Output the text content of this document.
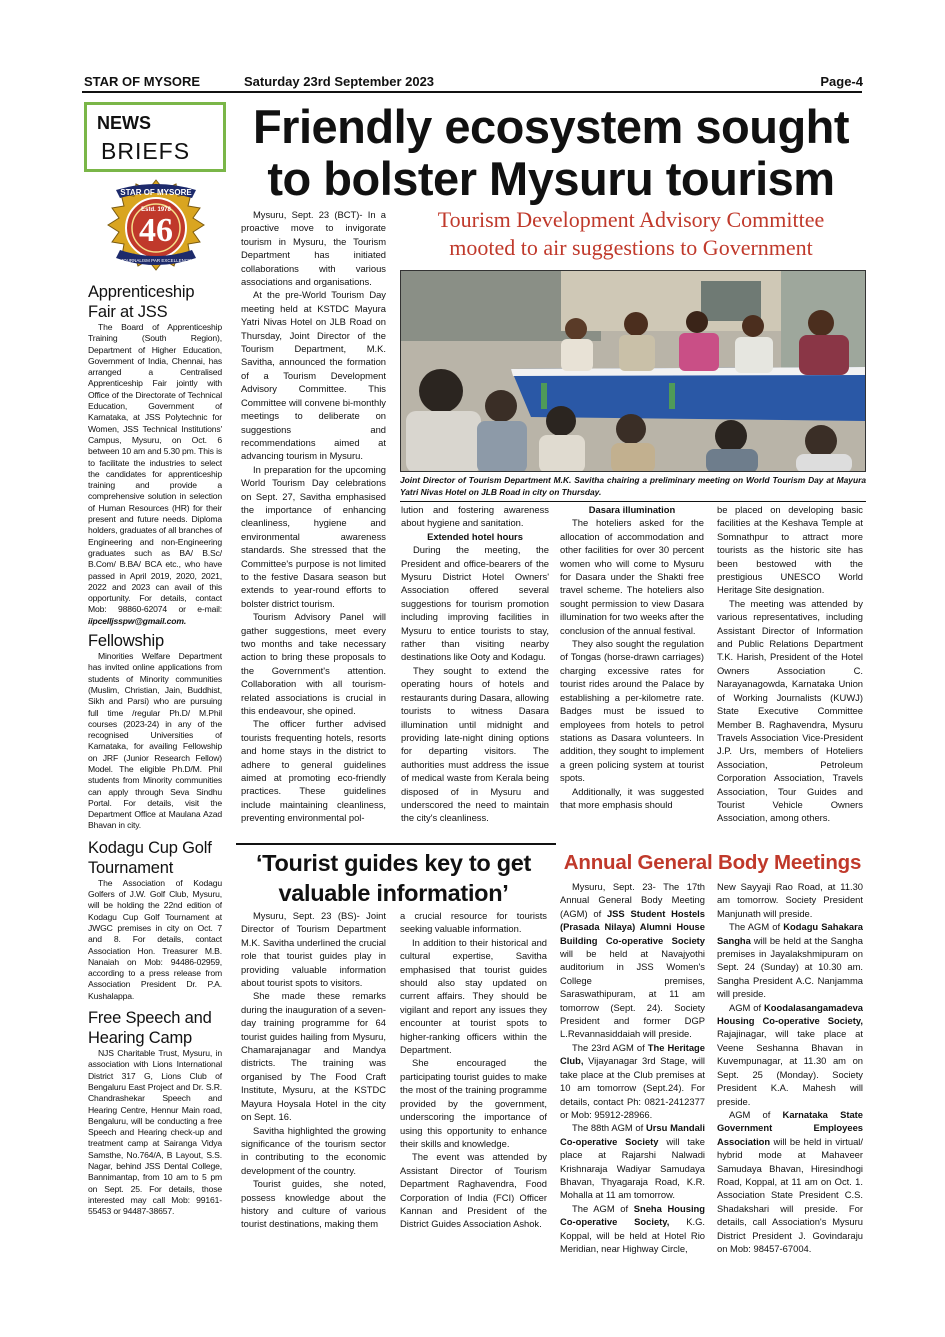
STAR OF MYSORE	Saturday 23rd September 2023	Page-4
NEWS
BRIEFS
46
STAR OF MYSORE
Estd. 1978
JOURNALISM PAR EXCELLENCE
Apprenticeship Fair at JSS
The Board of Apprenticeship Training (South Region), Department of Higher Education, Government of India, Chennai, has arranged a Centralised Apprenticeship Fair jointly with Office of the Directorate of Technical Education, Government of Karnataka, at JSS Polytechnic for Women, JSS Technical Institutions' Campus, Mysuru, on Oct. 6 between 10 am and 5.30 pm. This is to facilitate the industries to select the candidates for apprenticeship training and provide a comprehensive solution in selection of Human Resources (HR) for their present and future needs. Diploma holders, graduates of all branches of Engineering and non-Engineering graduates such as BA/ B.Sc/ B.Com/ B.BA/ BCA etc., who have passed in April 2019, 2020, 2021, 2022 and 2023 can avail of this opportunity. For details, contact Mob: 98860-62074 or e-mail: iipcelljsspw@gmail.com.
Fellowship
Minorities Welfare Department has invited online applications from students of Minority communities (Muslim, Christian, Jain, Buddhist, Sikh and Parsi) who are pursuing full time /regular Ph.D/ M.Phil courses (2023-24) in any of the recognised Universities of Karnataka, for availing Fellowship on JRF (Junior Research Fellow) Model. The eligible Ph.D/M. Phil students from Minority communities can apply through Seva Sindhu Portal. For details, visit the Department Office at Maulana Azad Bhavan in city.
Kodagu Cup Golf Tournament
The Association of Kodagu Golfers of J.W. Golf Club, Mysuru, will be holding the 22nd edition of Kodagu Cup Golf Tournament at JWGC premises in city on Oct. 7 and 8. For details, contact Association Hon. Treasurer M.B. Nanaiah on Mob: 94486-02959, according to a press release from Association President Dr. P.A. Kushalappa.
Free Speech and Hearing Camp
NJS Charitable Trust, Mysuru, in association with Lions International District 317 G, Lions Club of Bengaluru East Project and Dr. S.R. Chandrashekar Speech and Hearing Centre, Hennur Main road, Bengaluru, will be conducting a free Speech and Hearing check-up and treatment camp at Sairanga Vidya Samsthe, No.764/A, B Layout, S.S. Nagar, behind JSS Dental College, Bannimantap, from 10 am to 5 pm on Sept. 25. For details, those interested may call Mob: 99161-55453 or 94487-38657.
Friendly ecosystem sought
to bolster Mysuru tourism
Tourism Development Advisory Committee
mooted to air suggestions to Government
Mysuru, Sept. 23 (BCT)- In a proactive move to invigorate tourism in Mysuru, the Tourism Department has initiated collaborations with various associations and organisations.
At the pre-World Tourism Day meeting held at KSTDC Mayura Yatri Nivas Hotel on JLB Road on Thursday, Joint Director of the Tourism Department, M.K. Savitha, announced the formation of a Tourism Development Advisory Committee. This Committee will convene bi-monthly meetings to deliberate on suggestions and recommendations aimed at advancing tourism in Mysuru.
In preparation for the upcoming World Tourism Day celebrations on Sept. 27, Savitha emphasised the importance of enhancing cleanliness, hygiene and environmental awareness standards. She stressed that the Committee's purpose is not limited to the festive Dasara season but extends to year-round efforts to bolster district tourism.
Tourism Advisory Panel will gather suggestions, meet every two months and take necessary action to bring these proposals to the Government's attention. Collaboration with all tourism-related associations is crucial in this endeavour, she opined.
The officer further advised tourists frequenting hotels, resorts and home stays in the district to adhere to general guidelines aimed at promoting eco-friendly practices. These guidelines include maintaining cleanliness, preventing environmental pol-
Joint Director of Tourism Department M.K. Savitha chairing a preliminary meeting on World Tourism Day at Mayura Yatri Nivas Hotel on JLB Road in city on Thursday.
lution and fostering awareness about hygiene and sanitation.
Extended hotel hours
During the meeting, the President and office-bearers of the Mysuru District Hotel Owners' Association offered several suggestions for tourism promotion including improving facilities in Mysuru to entice tourists to stay, rather than visiting nearby destinations like Ooty and Kodagu.
They sought to extend the operating hours of hotels and restaurants during Dasara, allowing tourists to witness Dasara illumination until midnight and providing late-night dining options for departing visitors. The authorities must address the issue of medical waste from Kerala being disposed of in Mysuru and underscored the need to maintain the city's cleanliness.
Dasara illumination
The hoteliers asked for the allocation of accommodation and other facilities for over 30 percent women who will come to Mysuru for Dasara under the Shakti free travel scheme. The hoteliers also sought permission to view Dasara illumination for two weeks after the conclusion of the annual festival.
They also sought the regulation of Tongas (horse-drawn carriages) charging excessive rates for tourist rides around the Palace by establishing a per-kilometre rate. Badges must be issued to employees from hotels to petrol stations as Dasara volunteers. In addition, they sought to implement a green policing system at tourist spots.
Additionally, it was suggested that more emphasis should
be placed on developing basic facilities at the Keshava Temple at Somnathpur to attract more tourists as the historic site has been bestowed with the prestigious UNESCO World Heritage Site designation.
The meeting was attended by various representatives, including Assistant Director of Information and Public Relations Department T.K. Harish, President of the Hotel Owners Association C. Narayanagowda, Karnataka Union of Working Journalists (KUWJ) State Executive Committee Member B. Raghavendra, Mysuru Travels Association Vice-President J.P. Urs, members of Hoteliers Association, Petroleum Corporation Association, Travels Association, Tour Guides and Tourist Vehicle Owners Association, among others.
‘Tourist guides key to get
valuable information’
Mysuru, Sept. 23 (BS)- Joint Director of Tourism Department M.K. Savitha underlined the crucial role that tourist guides play in providing valuable information about tourist spots to visitors.
She made these remarks during the inauguration of a seven-day training programme for 64 tourist guides hailing from Mysuru, Chamarajanagar and Mandya districts. The training was organised by The Food Craft Institute, Mysuru, at the KSTDC Mayura Hoysala Hotel in the city on Sept. 16.
Savitha highlighted the growing significance of the tourism sector in contributing to the economic development of the country.
Tourist guides, she noted, possess knowledge about the history and culture of various tourist destinations, making them
a crucial resource for tourists seeking valuable information.
In addition to their historical and cultural expertise, Savitha emphasised that tourist guides should also stay updated on current affairs. They should be vigilant and report any issues they encounter at tourist spots to higher-ranking officers within the Department.
She encouraged the participating tourist guides to make the most of the training programme provided by the government, underscoring the importance of using this opportunity to enhance their skills and knowledge.
The event was attended by Assistant Director of Tourism Department Raghavendra, Food Corporation of India (FCI) Officer Kannan and President of the District Guides Association Ashok.
Annual General Body Meetings
Mysuru, Sept. 23- The 17th Annual General Body Meeting (AGM) of JSS Student Hostels (Prasada Nilaya) Alumni House Building Co-operative Society will be held at Navajyothi auditorium in JSS Women's College premises, Saraswathipuram, at 11 am tomorrow (Sept. 24). Society President and former DGP L.Revannasiddaiah will preside.
The 23rd AGM of The Heritage Club, Vijayanagar 3rd Stage, will take place at the Club premises at 10 am tomorrow (Sept.24). For details, contact Ph: 0821-2412377 or Mob: 95912-28966.
The 88th AGM of Ursu Mandali Co-operative Society will take place at Rajarshi Nalwadi Krishnaraja Wadiyar Samudaya Bhavan, Thyagaraja Road, K.R. Mohalla at 11 am tomorrow.
The AGM of Sneha Housing Co-operative Society, K.G. Koppal, will be held at Hotel Rio Meridian, near Highway Circle,
New Sayyaji Rao Road, at 11.30 am tomorrow. Society President Manjunath will preside.
The AGM of Kodagu Sahakara Sangha will be held at the Sangha premises in Jayalakshmipuram on Sept. 24 (Sunday) at 10.30 am. Sangha President A.C. Nanjamma will preside.
AGM of Koodalasangamadeva Housing Co-operative Society, Rajajinagar, will take place at Veene Seshanna Bhavan in Kuvempunagar, at 11.30 am on Sept. 25 (Monday). Society President K.A. Mahesh will preside.
AGM of Karnataka State Government Employees Association will be held in virtual/ hybrid mode at Mahaveer Samudaya Bhavan, Hiresindhogi Road, Koppal, at 11 am on Oct. 1. Association State President C.S. Shadakshari will preside. For details, call Association's Mysuru District President J. Govindaraju on Mob: 98457-67004.
